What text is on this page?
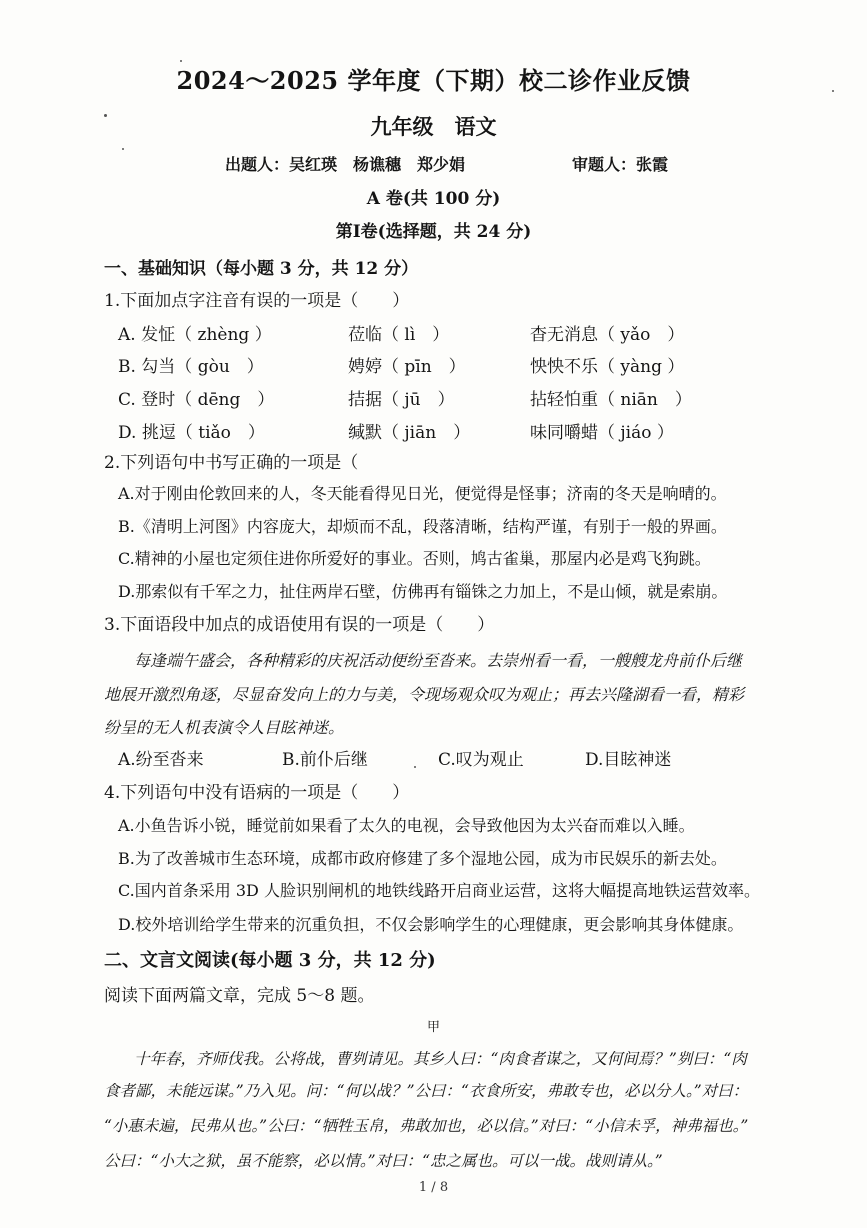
2024～2025 学年度（下期）校二诊作业反馈
九年级　语文
出题人：吴红瑛　杨谯穗　郑少娟	审题人：张霞
A 卷(共 100 分)
第Ⅰ卷(选择题，共 24 分)
一、基础知识（每小题 3 分，共 12 分）
1.下面加点字注音有误的一项是（　　）
A. 发怔（ zhèng ）	莅临（ lì　）	杳无消息（ yǎo　）
B. 勾当（ gòu　）	娉婷（ pīn　）	怏怏不乐（ yàng ）
C. 登时（ dēng　）	拮据（ jū　）	拈轻怕重（ niān　）
D. 挑逗（ tiǎo　）	缄默（ jiān　）	味同嚼蜡（ jiáo ）
2.下列语句中书写正确的一项是（
A.对于刚由伦敦回来的人，冬天能看得见日光，便觉得是怪事；济南的冬天是响晴的。
B.《清明上河图》内容庞大，却烦而不乱，段落清晰，结构严谨，有别于一般的界画。
C.精神的小屋也定须住进你所爱好的事业。否则，鸠古雀巢，那屋内必是鸡飞狗跳。
D.那索似有千军之力，扯住两岸石壁，仿佛再有锱铢之力加上，不是山倾，就是索崩。
3.下面语段中加点的成语使用有误的一项是（　　）
每逢端午盛会，各种精彩的庆祝活动便纷至沓来。去崇州看一看，一艘艘龙舟前仆后继
地展开激烈角逐，尽显奋发向上的力与美，令现场观众叹为观止；再去兴隆湖看一看，精彩
纷呈的无人机表演令人目眩神迷。
A.纷至沓来	B.前仆后继	C.叹为观止	D.目眩神迷
4.下列语句中没有语病的一项是（　　）
A.小鱼告诉小锐，睡觉前如果看了太久的电视，会导致他因为太兴奋而难以入睡。
B.为了改善城市生态环境，成都市政府修建了多个湿地公园，成为市民娱乐的新去处。
C.国内首条采用 3D 人脸识别闸机的地铁线路开启商业运营，这将大幅提高地铁运营效率。
D.校外培训给学生带来的沉重负担，不仅会影响学生的心理健康，更会影响其身体健康。
二、文言文阅读(每小题 3 分，共 12 分)
阅读下面两篇文章，完成 5～8 题。
甲
十年春，齐师伐我。公将战，曹刿请见。其乡人曰：“肉食者谋之，又何间焉？”刿曰：“肉
食者鄙，未能远谋。”乃入见。问：“何以战？”公曰：“衣食所安，弗敢专也，必以分人。”对曰：
“小惠未遍，民弗从也。”公曰：“牺牲玉帛，弗敢加也，必以信。”对曰：“小信未孚，神弗福也。”
公曰：“小大之狱，虽不能察，必以情。”对曰：“忠之属也。可以一战。战则请从。”
1 / 8
